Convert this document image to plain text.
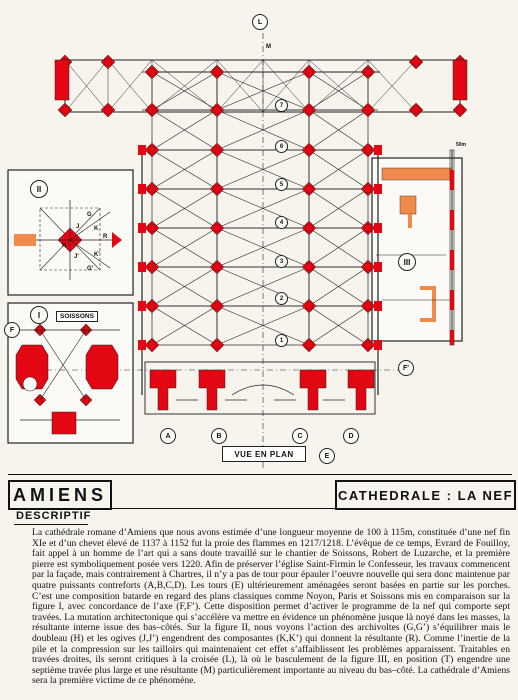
L
M
F
F'
A	B	C	D
E
1
2
3
4
5
6
7
II
I
III
SOISSONS
G
K
J
H
R
J'	K'
G'
50m
VUE EN PLAN
AMIENS	CATHEDRALE : LA NEF
DESCRIPTIF

La cathédrale romane d’Amiens que nous avons estimée d’une longueur moyenne de 100 à 115m, constituée d’une nef fin XIe et d’un chevet élevé de 1137 à 1152 fut la proie des flammes en 1217/1218. L’évêque de ce temps, Evrard de Fouilloy, fait appel à un homme de l’art qui a sans doute travaillé sur le chantier de Soissons, Robert de Luzarche, et la première pierre est symboliquement posée vers 1220. Afin de préserver l’église Saint-Firmin le Confesseur, les travaux commencent par la façade, mais contrairement à Chartres, il n’y a pas de tour pour épauler l’oeuvre nouvelle qui sera donc maintenue par quatre puissants contreforts (A,B,C,D). Les tours (E) ultérieurement aménagées seront basées en partie sur les porches. C’est une composition batarde en regard des plans classiques comme Noyon, Paris et Soissons mis en comparaison sur la figure I, avec concordance de l’axe (F,F’). Cette disposition permet d’activer le programme de la nef qui comporte sept travées. La mutation architectonique qui s’accélère va mettre en évidence un phénomène jusque là noyé dans les masses, la résultante interne issue des bas–côtés. Sur la figure II, nous voyons l’action des archivoltes (G,G’) s’équilibrer mais le doubleau (H) et les ogives (J,J’) engendrent des composantes (K,K’) qui donnent la résultante (R). Comme l’inertie de la pile et la compression sur les tailloirs qui maintenaient cet effet s’affaiblissent les problèmes apparaissent. Traitables en travées droites, ils seront critiques à la croisée (L), là où le basculement de la figure III, en position (T) engendre une septième travée plus large et une résultante (M) particulièrement importante au niveau du bas–côté. La cathédrale d’Amiens sera la première victime de ce phénomène.
